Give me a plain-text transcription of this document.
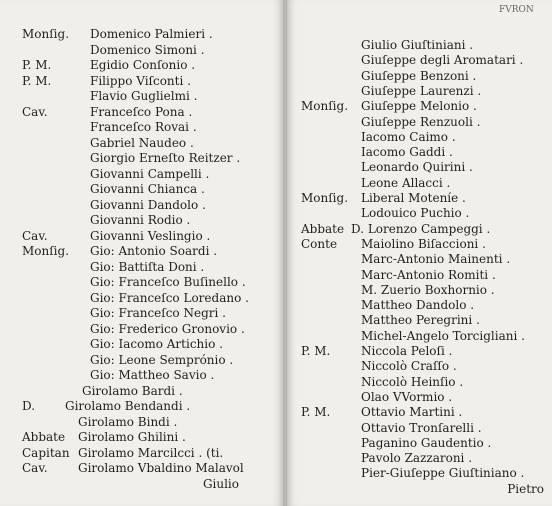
Monſig. Domenico Palmieri .
Domenico Simoni .
P. M.	Egidio Conſonio .
P. M.	Filippo Viſconti .
Flavio Guglielmi .
Cav.	Franceſco Pona .
Franceſco Rovai .
Gabriel Naudeo .
Giorgio Erneſto Reitzer .
Giovanni Campelli .
Giovanni Chianca .
Giovanni Dandolo .
Giovanni Rodio .
Cav.	Giovanni Veslingio .
Monſig. Gio: Antonio Soardi .
Gio: Battiſta Doni .
Gio: Franceſco Buſinello .
Gio: Franceſco Loredano .
Gio: Franceſco Negri .
Gio: Frederico Gronovio .
Gio: Iacomo Artichio .
Gio: Leone Semprónio .
Gio: Mattheo Savio .
Girolamo Bardi .
D. Girolamo Bendandi .
Girolamo Bindi .
Abbate Girolamo Ghilini .
Capitan Girolamo Marcilcci . (ti.
Cav.	Girolamo Vbaldino Malavol
Giulio
FVRON
Giulio Giuſtiniani .
Giuſeppe degli Aromatari .
Giuſeppe Benzoni .
Giuſeppe Laurenzi .
Monſig. Giuſeppe Melonio .
Giuſeppe Renzuoli .
Iacomo Caimo .
Iacomo Gaddi .
Leonardo Quirini .
Leone Allacci .
Monſig. Liberal Moteníe .
Lodouico Puchio .
Abbate D. Lorenzo Campeggi .
Conte Maiolino Biſaccioni .
Marc-Antonio Mainenti .
Marc-Antonio Romiti .
M. Zuerio Boxhornio .
Mattheo Dandolo .
Mattheo Peregrini .
Michel-Angelo Torcigliani .
P. M.	Niccola Peloſi .
Niccolò Craſſo .
Niccolò Heinſio .
Olao VVormio .
P. M.	Ottavio Martini .
Ottavio Tronſarelli .
Paganino Gaudentio .
Pavolo Zazzaroni .
Pier-Giuſeppe Giuſtiniano .
Pietro
